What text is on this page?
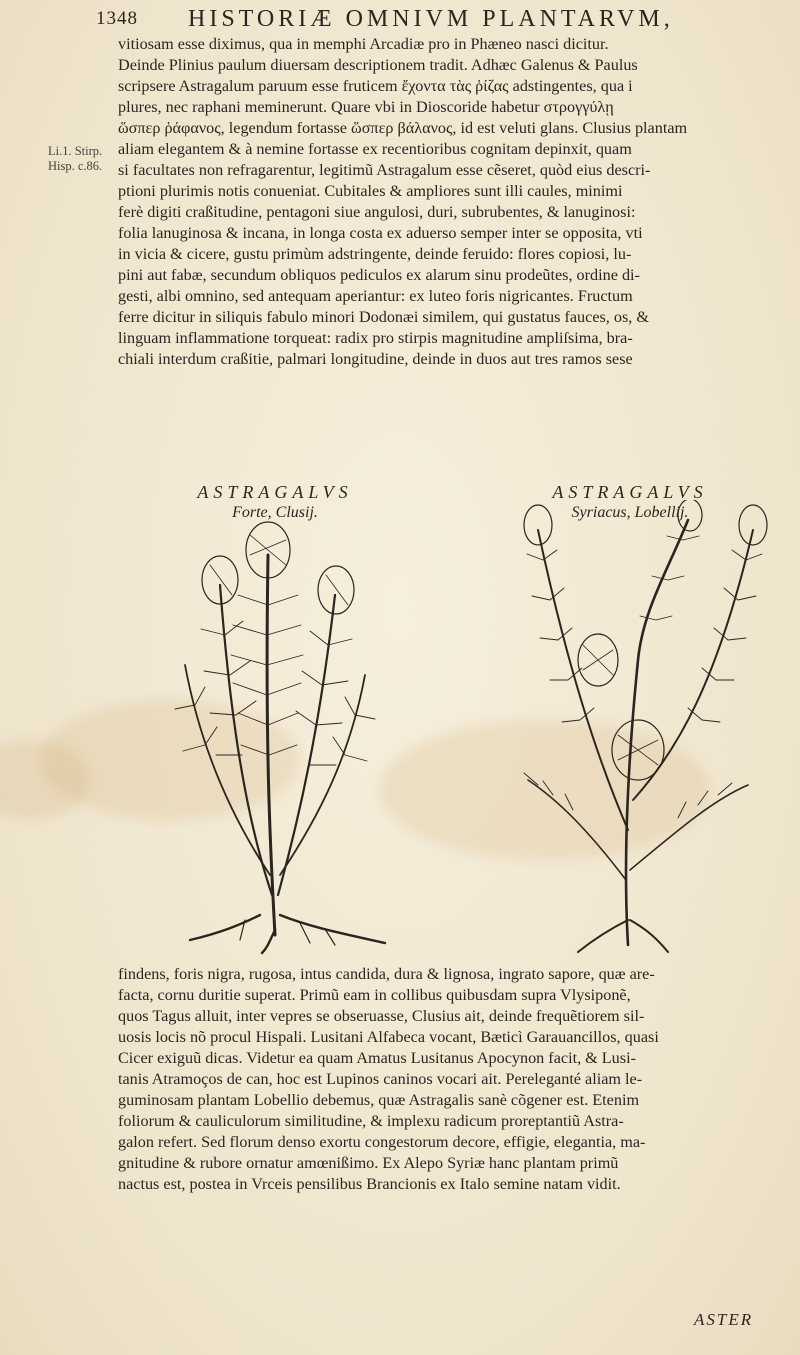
1348 HISTORIÆ OMNIVM PLANTARVM,
Li.1. Stirp.
Hisp. c.86.
vitiosam esse diximus, qua in memphi Arcadiæ pro in Phæneo nasci dicitur.
Deinde Plinius paulum diuersam descriptionem tradit. Adhæc Galenus & Paulus
scripsere Astragalum paruum esse fruticem ἔχοντα τὰς ῥίζας adstingentes, qua i
plures, nec raphani meminerunt. Quare vbi in Dioscoride habetur στρογγύλῃ
ὥσπερ ῥάφανος, legendum fortasse ὥσπερ βάλανος, id est veluti glans. Clusius plantam
aliam elegantem & à nemine fortasse ex recentioribus cognitam depinxit, quam
si facultates non refragarentur, legitimũ Astragalum esse cẽseret, quòd eius descri-
ptioni plurimis notis conueniat. Cubitales & ampliores sunt illi caules, minimi
ferè digiti craßitudine, pentagoni siue angulosi, duri, subrubentes, & lanuginosi:
folia lanuginosa & incana, in longa costa ex aduerso semper inter se opposita, vti
in vicia & cicere, gustu primùm adstringente, deinde feruido: flores copiosi, lu-
pini aut fabæ, secundum obliquos pediculos ex alarum sinu prodeũtes, ordine di-
gesti, albi omnino, sed antequam aperiantur: ex luteo foris nigricantes. Fructum
ferre dicitur in siliquis fabulo minori Dodonæi similem, qui gustatus fauces, os, &
linguam inflammatione torqueat: radix pro stirpis magnitudine ampliſsima, bra-
chiali interdum craßitie, palmari longitudine, deinde in duos aut tres ramos sese
ASTRAGALVS
Forte, Clusij.
ASTRAGALVS
Syriacus, Lobellij.
findens, foris nigra, rugosa, intus candida, dura & lignosa, ingrato sapore, quæ are-
facta, cornu duritie superat. Primũ eam in collibus quibusdam supra Vlysiponẽ,
quos Tagus alluit, inter vepres se obseruasse, Clusius ait, deinde frequẽtiorem sil-
uosis locis nõ procul Hispali. Lusitani Alfabeca vocant, Bæticì Garauancillos, quasi
Cicer exiguũ dicas. Videtur ea quam Amatus Lusitanus Apocynon facit, & Lusi-
tanis Atramoços de can, hoc est Lupinos caninos vocari ait. Pereleganté aliam le-
guminosam plantam Lobellio debemus, quæ Astragalis sanè cõgener est. Etenim
foliorum & cauliculorum similitudine, & implexu radicum proreptantiũ Astra-
galon refert. Sed florum denso exortu congestorum decore, effigie, elegantia, ma-
gnitudine & rubore ornatur amœnißimo. Ex Alepo Syriæ hanc plantam primũ
nactus est, postea in Vrceis pensilibus Brancionis ex Italo semine natam vidit.
ASTER
